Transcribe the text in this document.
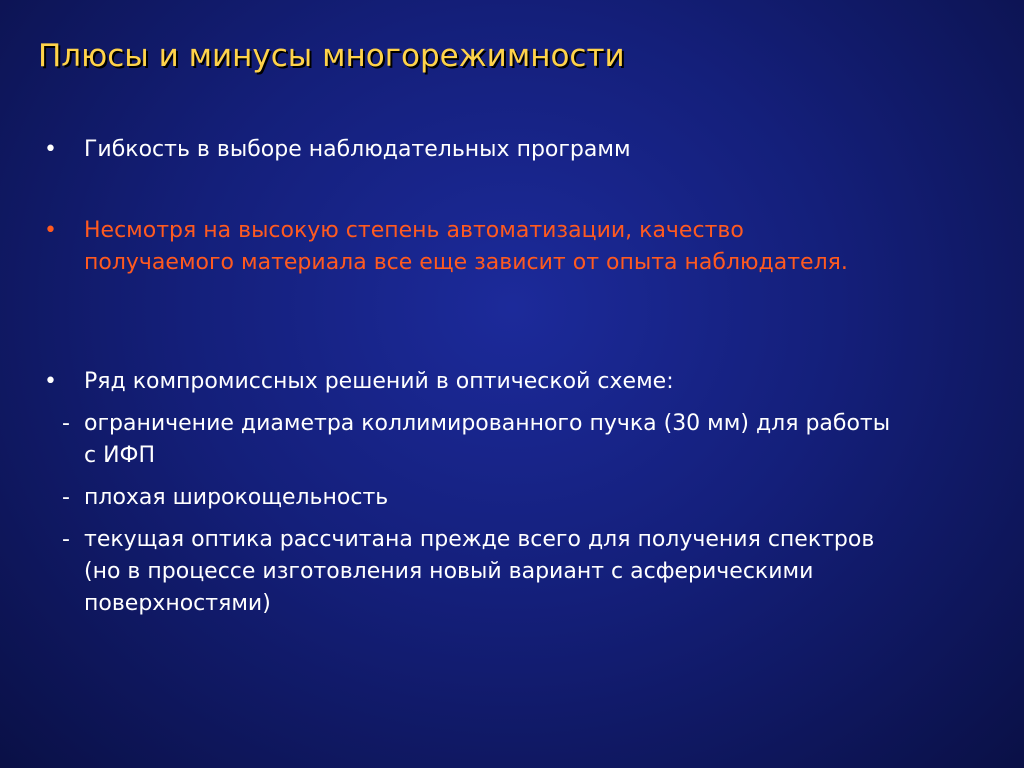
Плюсы и минусы многорежимности
• Гибкость в выборе наблюдательных программ
• Несмотря на высокую степень автоматизации, качество получаемого материала все еще зависит от опыта наблюдателя.
• Ряд компромиссных решений в оптической схеме:
- ограничение диаметра коллимированного пучка (30 мм) для работы с ИФП
- плохая широкощельность
- текущая оптика рассчитана прежде всего для получения спектров (но в процессе изготовления новый вариант с асферическими поверхностями)
